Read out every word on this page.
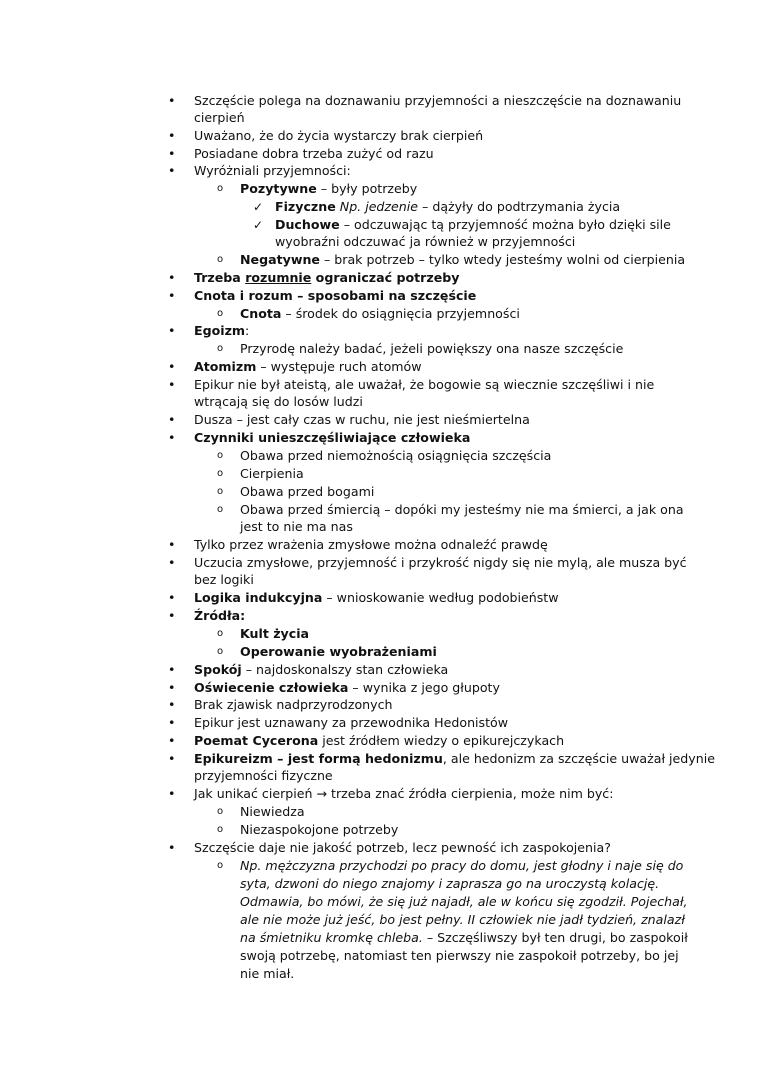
• Szczęście polega na doznawaniu przyjemności a nieszczęście na doznawaniu
cierpień
• Uważano, że do życia wystarczy brak cierpień
• Posiadane dobra trzeba zużyć od razu
• Wyróżniali przyjemności:
o Pozytywne – były potrzeby
✓ Fizyczne Np. jedzenie – dążyły do podtrzymania życia
✓ Duchowe – odczuwając tą przyjemność można było dzięki sile
wyobraźni odczuwać ja również w przyjemności
o Negatywne – brak potrzeb – tylko wtedy jesteśmy wolni od cierpienia
• Trzeba rozumnie ograniczać potrzeby
• Cnota i rozum – sposobami na szczęście
o Cnota – środek do osiągnięcia przyjemności
• Egoizm:
o Przyrodę należy badać, jeżeli powiększy ona nasze szczęście
• Atomizm – występuje ruch atomów
• Epikur nie był ateistą, ale uważał, że bogowie są wiecznie szczęśliwi i nie
wtrącają się do losów ludzi
• Dusza – jest cały czas w ruchu, nie jest nieśmiertelna
• Czynniki unieszczęśliwiające człowieka
o Obawa przed niemożnością osiągnięcia szczęścia
o Cierpienia
o Obawa przed bogami
o Obawa przed śmiercią – dopóki my jesteśmy nie ma śmierci, a jak ona
jest to nie ma nas
• Tylko przez wrażenia zmysłowe można odnaleźć prawdę
• Uczucia zmysłowe, przyjemność i przykrość nigdy się nie mylą, ale musza być
bez logiki
• Logika indukcyjna – wnioskowanie według podobieństw
• Źródła:
o Kult życia
o Operowanie wyobrażeniami
• Spokój – najdoskonalszy stan człowieka
• Oświecenie człowieka – wynika z jego głupoty
• Brak zjawisk nadprzyrodzonych
• Epikur jest uznawany za przewodnika Hedonistów
• Poemat Cycerona jest źródłem wiedzy o epikurejczykach
• Epikureizm – jest formą hedonizmu, ale hedonizm za szczęście uważał jedynie
przyjemności fizyczne
• Jak unikać cierpień → trzeba znać źródła cierpienia, może nim być:
o Niewiedza
o Niezaspokojone potrzeby
• Szczęście daje nie jakość potrzeb, lecz pewność ich zaspokojenia?
o Np. mężczyzna przychodzi po pracy do domu, jest głodny i naje się do
syta, dzwoni do niego znajomy i zaprasza go na uroczystą kolację.
Odmawia, bo mówi, że się już najadł, ale w końcu się zgodził. Pojechał,
ale nie może już jeść, bo jest pełny. II człowiek nie jadł tydzień, znalazł
na śmietniku kromkę chleba. – Szczęśliwszy był ten drugi, bo zaspokoił
swoją potrzebę, natomiast ten pierwszy nie zaspokoił potrzeby, bo jej
nie miał.
